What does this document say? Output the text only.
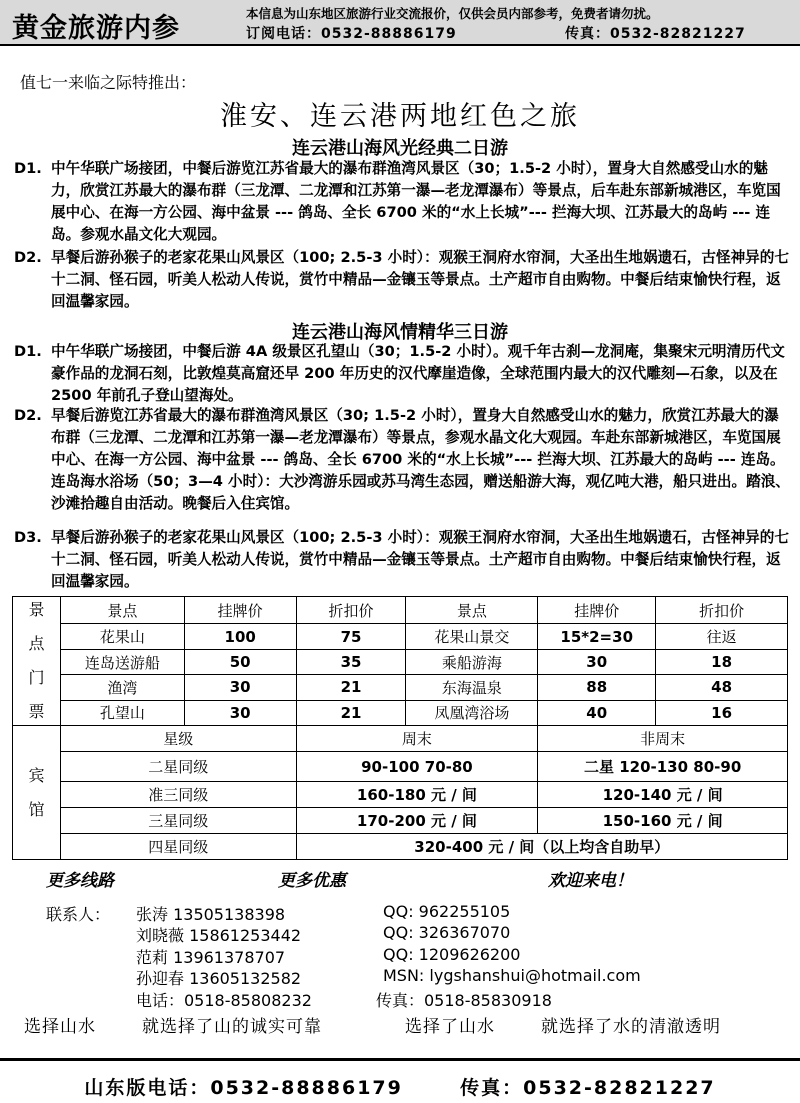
黄金旅游内参	本信息为山东地区旅游行业交流报价，仅供会员内部参考，免费者请勿扰。
订阅电话：0532-88886179	传真：0532-82821227
值七一来临之际特推出：
淮安、连云港两地红色之旅
连云港山海风光经典二日游
D1. 中午华联广场接团，中餐后游览江苏省最大的瀑布群渔湾风景区（30；1.5-2 小时），置身大自然感受山水的魅力，欣赏江苏最大的瀑布群（三龙潭、二龙潭和江苏第一瀑—老龙潭瀑布）等景点，后车赴东部新城港区，车览国展中心、在海一方公园、海中盆景 --- 鸽岛、全长 6700 米的“水上长城”--- 拦海大坝、江苏最大的岛屿 --- 连岛。参观水晶文化大观园。
D2. 早餐后游孙猴子的老家花果山风景区（100; 2.5-3 小时）：观猴王洞府水帘洞，大圣出生地娲遗石，古怪神异的七十二洞、怪石园，听美人松动人传说，赏竹中精品—金镶玉等景点。土产超市自由购物。中餐后结束愉快行程，返回温馨家园。
连云港山海风情精华三日游
D1. 中午华联广场接团，中餐后游 4A 级景区孔望山（30；1.5-2 小时）。观千年古刹—龙洞庵，集聚宋元明清历代文豪作品的龙洞石刻，比敦煌莫高窟还早 200 年历史的汉代摩崖造像，全球范围内最大的汉代雕刻—石象，以及在 2500 年前孔子登山望海处。
D2. 早餐后游览江苏省最大的瀑布群渔湾风景区（30; 1.5-2 小时），置身大自然感受山水的魅力，欣赏江苏最大的瀑布群（三龙潭、二龙潭和江苏第一瀑—老龙潭瀑布）等景点，参观水晶文化大观园。车赴东部新城港区，车览国展中心、在海一方公园、海中盆景 --- 鸽岛、全长 6700 米的“水上长城”--- 拦海大坝、江苏最大的岛屿 --- 连岛。连岛海水浴场（50；3—4 小时）：大沙湾游乐园或苏马湾生态园，赠送船游大海，观亿吨大港，船只进出。踏浪、沙滩拾趣自由活动。晚餐后入住宾馆。
D3. 早餐后游孙猴子的老家花果山风景区（100; 2.5-3 小时）：观猴王洞府水帘洞，大圣出生地娲遗石，古怪神异的七十二洞、怪石园，听美人松动人传说，赏竹中精品—金镶玉等景点。土产超市自由购物。中餐后结束愉快行程，返回温馨家园。
景
点
门
票	景点	挂牌价	折扣价	景点	挂牌价	折扣价
	花果山	100	75	花果山景交	15*2=30	往返
	连岛送游船	50	35	乘船游海	30	18
	渔湾	30	21	东海温泉	88	48
	孔望山	30	21	凤凰湾浴场	40	16

宾
馆	星级		周末		非周末	
	二星同级		90-100 70-80		二星 120-130 80-90	
	准三同级		160-180 元 / 间		120-140 元 / 间	
	三星同级		170-200 元 / 间		150-160 元 / 间	
	四星同级		320-400 元 / 间（以上均含自助早）			
更多线路	更多优惠	欢迎来电！
联系人： 张涛 13505138398	QQ: 962255105
刘晓薇 15861253442	QQ: 326367070
范莉 13961378707	QQ: 1209626200
孙迎春 13605132582	MSN: lygshanshui@hotmail.com
电话：0518-85808232	传真：0518-85830918
选择山水	就选择了山的诚实可靠	选择了山水	就选择了水的清澈透明
山东版电话：0532-88886179	传真：0532-82821227
